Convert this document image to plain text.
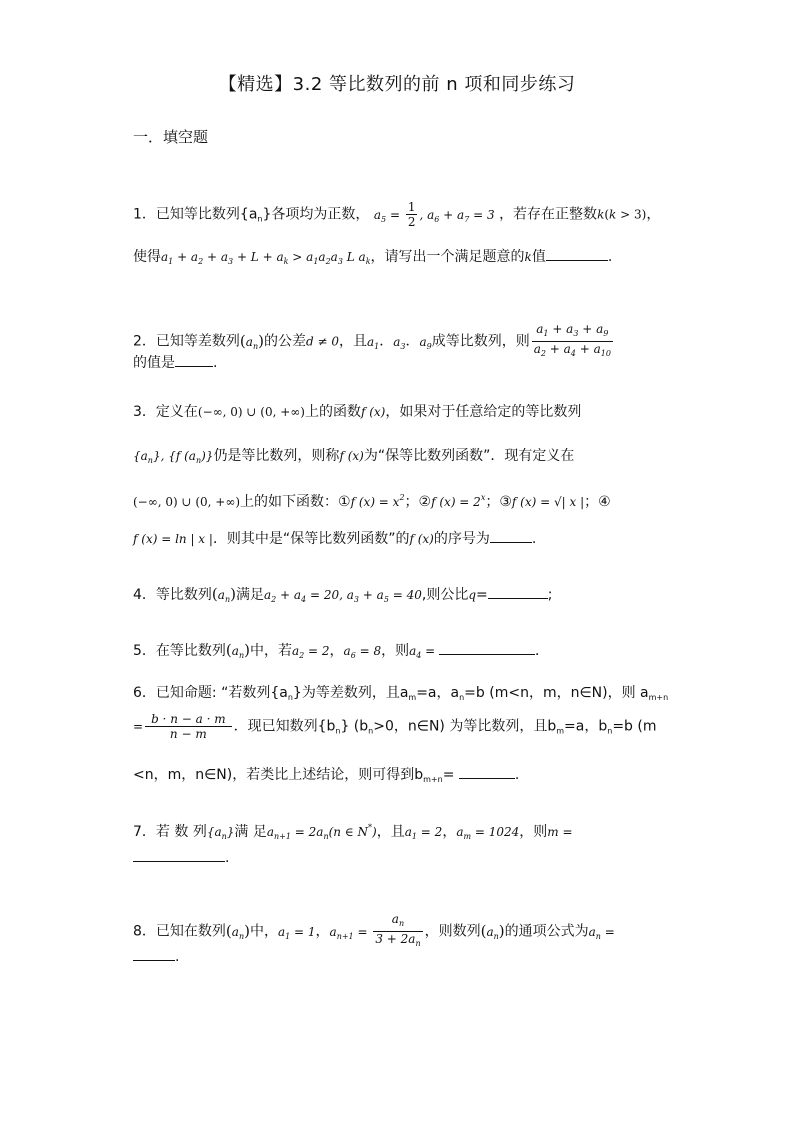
【精选】3.2 等比数列的前 n 项和同步练习
一．填空题
1．已知等比数列$\{a_n\}$各项均为正数， $a_5 = \frac{1}{2}$ , $a_6 + a_7 = 3$ ，若存在正整数k(k > 3)，
使得$a_1 + a_2 + a_3 + L + a_k > a_1a_2a_3$ L $a_k$，请写出一个满足题意的k值	.
2．已知等差数列$(a_n)$的公差d ≠ 0，且$a_1$．$a_3$．$a_9$成等比数列，则 $\frac{a_1 + a_3 + a_9}{a_2 + a_4 + a_{10}}$
的值是	.
3．定义在(−∞, 0) ∪ (0, +∞)上的函数f (x)，如果对于任意给定的等比数列
$\{a_n\}$, {f $(a_n)$}仍是等比数列，则称f (x)为“保等比数列函数”．现有定义在
(−∞, 0) ∪ (0, +∞)上的如下函数：①f $(x) = x^2$；②f $(x) = 2^x$；③f (x) = √| x |；④
f (x) = ln | x |．则其中是“保等比数列函数”的f (x)的序号为	.
4．等比数列$(a_n)$满足$a_2 + a_4 = 20$, $a_3 + a_5 = 40$,则公比q=	;
5．在等比数列$(a_n)$中，若$a_2 = 2$，$a_6 = 8$，则$a_4$ =	．
6．已知命题: “若数列$\{a_n\}$为等差数列，且$a_m=a$，$a_n=b$ (m<n，m，n∈N)，则 $a_{m+n}$
= $\frac{b \cdot n - a \cdot m}{n - m}$ ．现已知数列$\{b_n\}$ ($b_n>0$，n∈N) 为等比数列，且$b_m=a$，$b_n=b$ (m
<n，m，n∈N)，若类比上述结论，则可得到$b_{m+n}=$	.
7．若 数 列$\{a_n\}$满 足$a_{n+1} = 2a_n(n$ ∈ N*)，且$a_1 = 2$，$a_m = 1024$，则m =
.
8．已知在数列$(a_n)$中，$a_1 = 1$，$a_{n+1} = \frac{a_n}{3 + 2a_n}$ ，则数列$(a_n)$的通项公式为$a_n$ =
.
